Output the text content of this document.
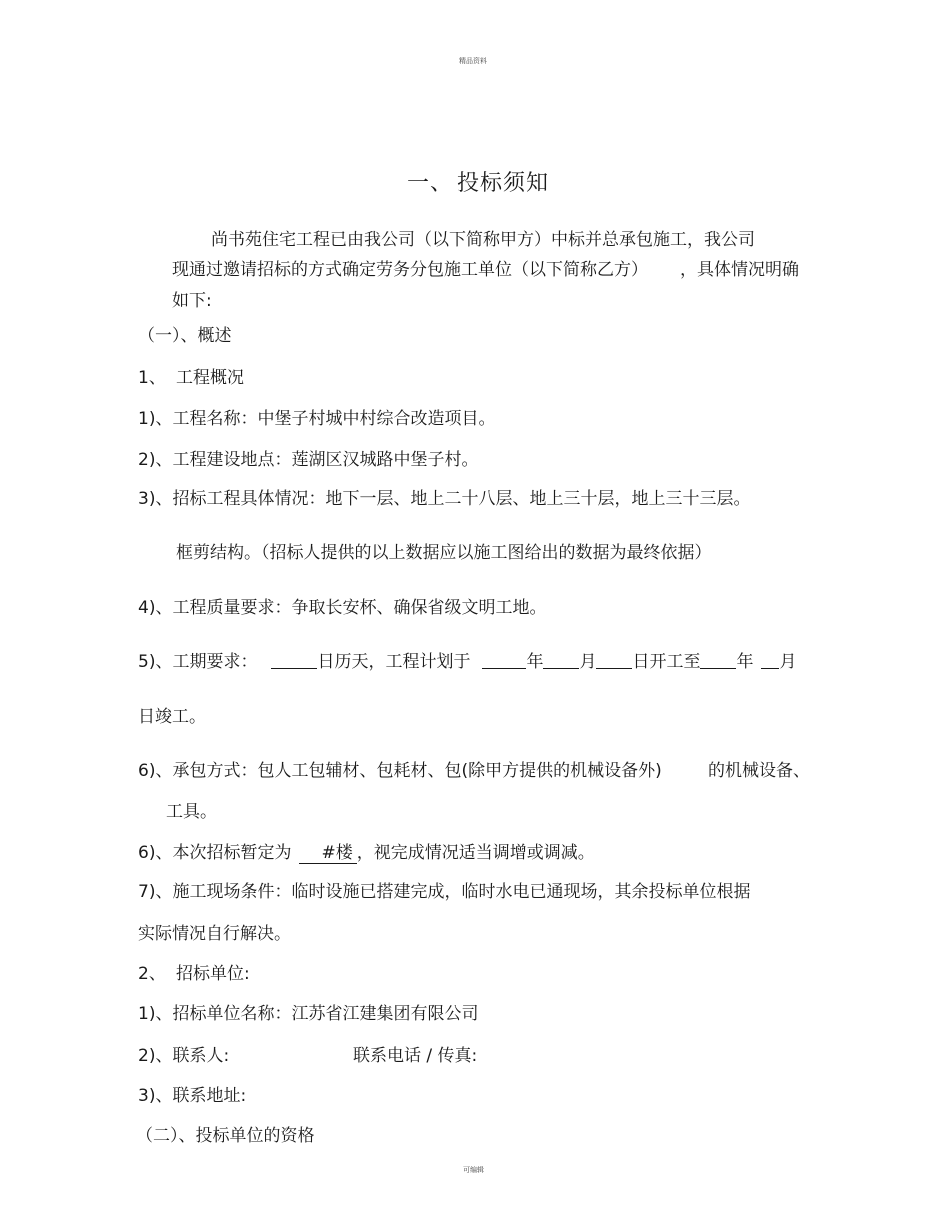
精品资料
一、 投标须知
尚书苑住宅工程已由我公司（以下简称甲方）中标并总承包施工，我公司
现通过邀请招标的方式确定劳务分包施工单位（以下简称乙方） ，具体情况明确
如下:
（一）、概述
1、 工程概况
1)、工程名称：中堡子村城中村综合改造项目。
2)、工程建设地点：莲湖区汉城路中堡子村。
3)、招标工程具体情况：地下一层、地上二十八层、地上三十层，地上三十三层。
框剪结构。（招标人提供的以上数据应以施工图给出的数据为最终依据）
4)、工程质量要求：争取长安杯、确保省级文明工地。
5)、工期要求：	日历天，工程计划于	年 月 日开工至 年 月
日竣工。
6)、承包方式：包人工包辅材、包耗材、包(除甲方提供的机械设备外)	的机械设备、
工具。
6)、本次招标暂定为 #楼 ，视完成情况适当调增或调减。
7)、施工现场条件：临时设施已搭建完成，临时水电已通现场，其余投标单位根据
实际情况自行解决。
2、 招标单位:
1)、招标单位名称：江苏省江建集团有限公司
2)、联系人:	联系电话 / 传真:
3)、联系地址:
（二）、投标单位的资格
可编辑
